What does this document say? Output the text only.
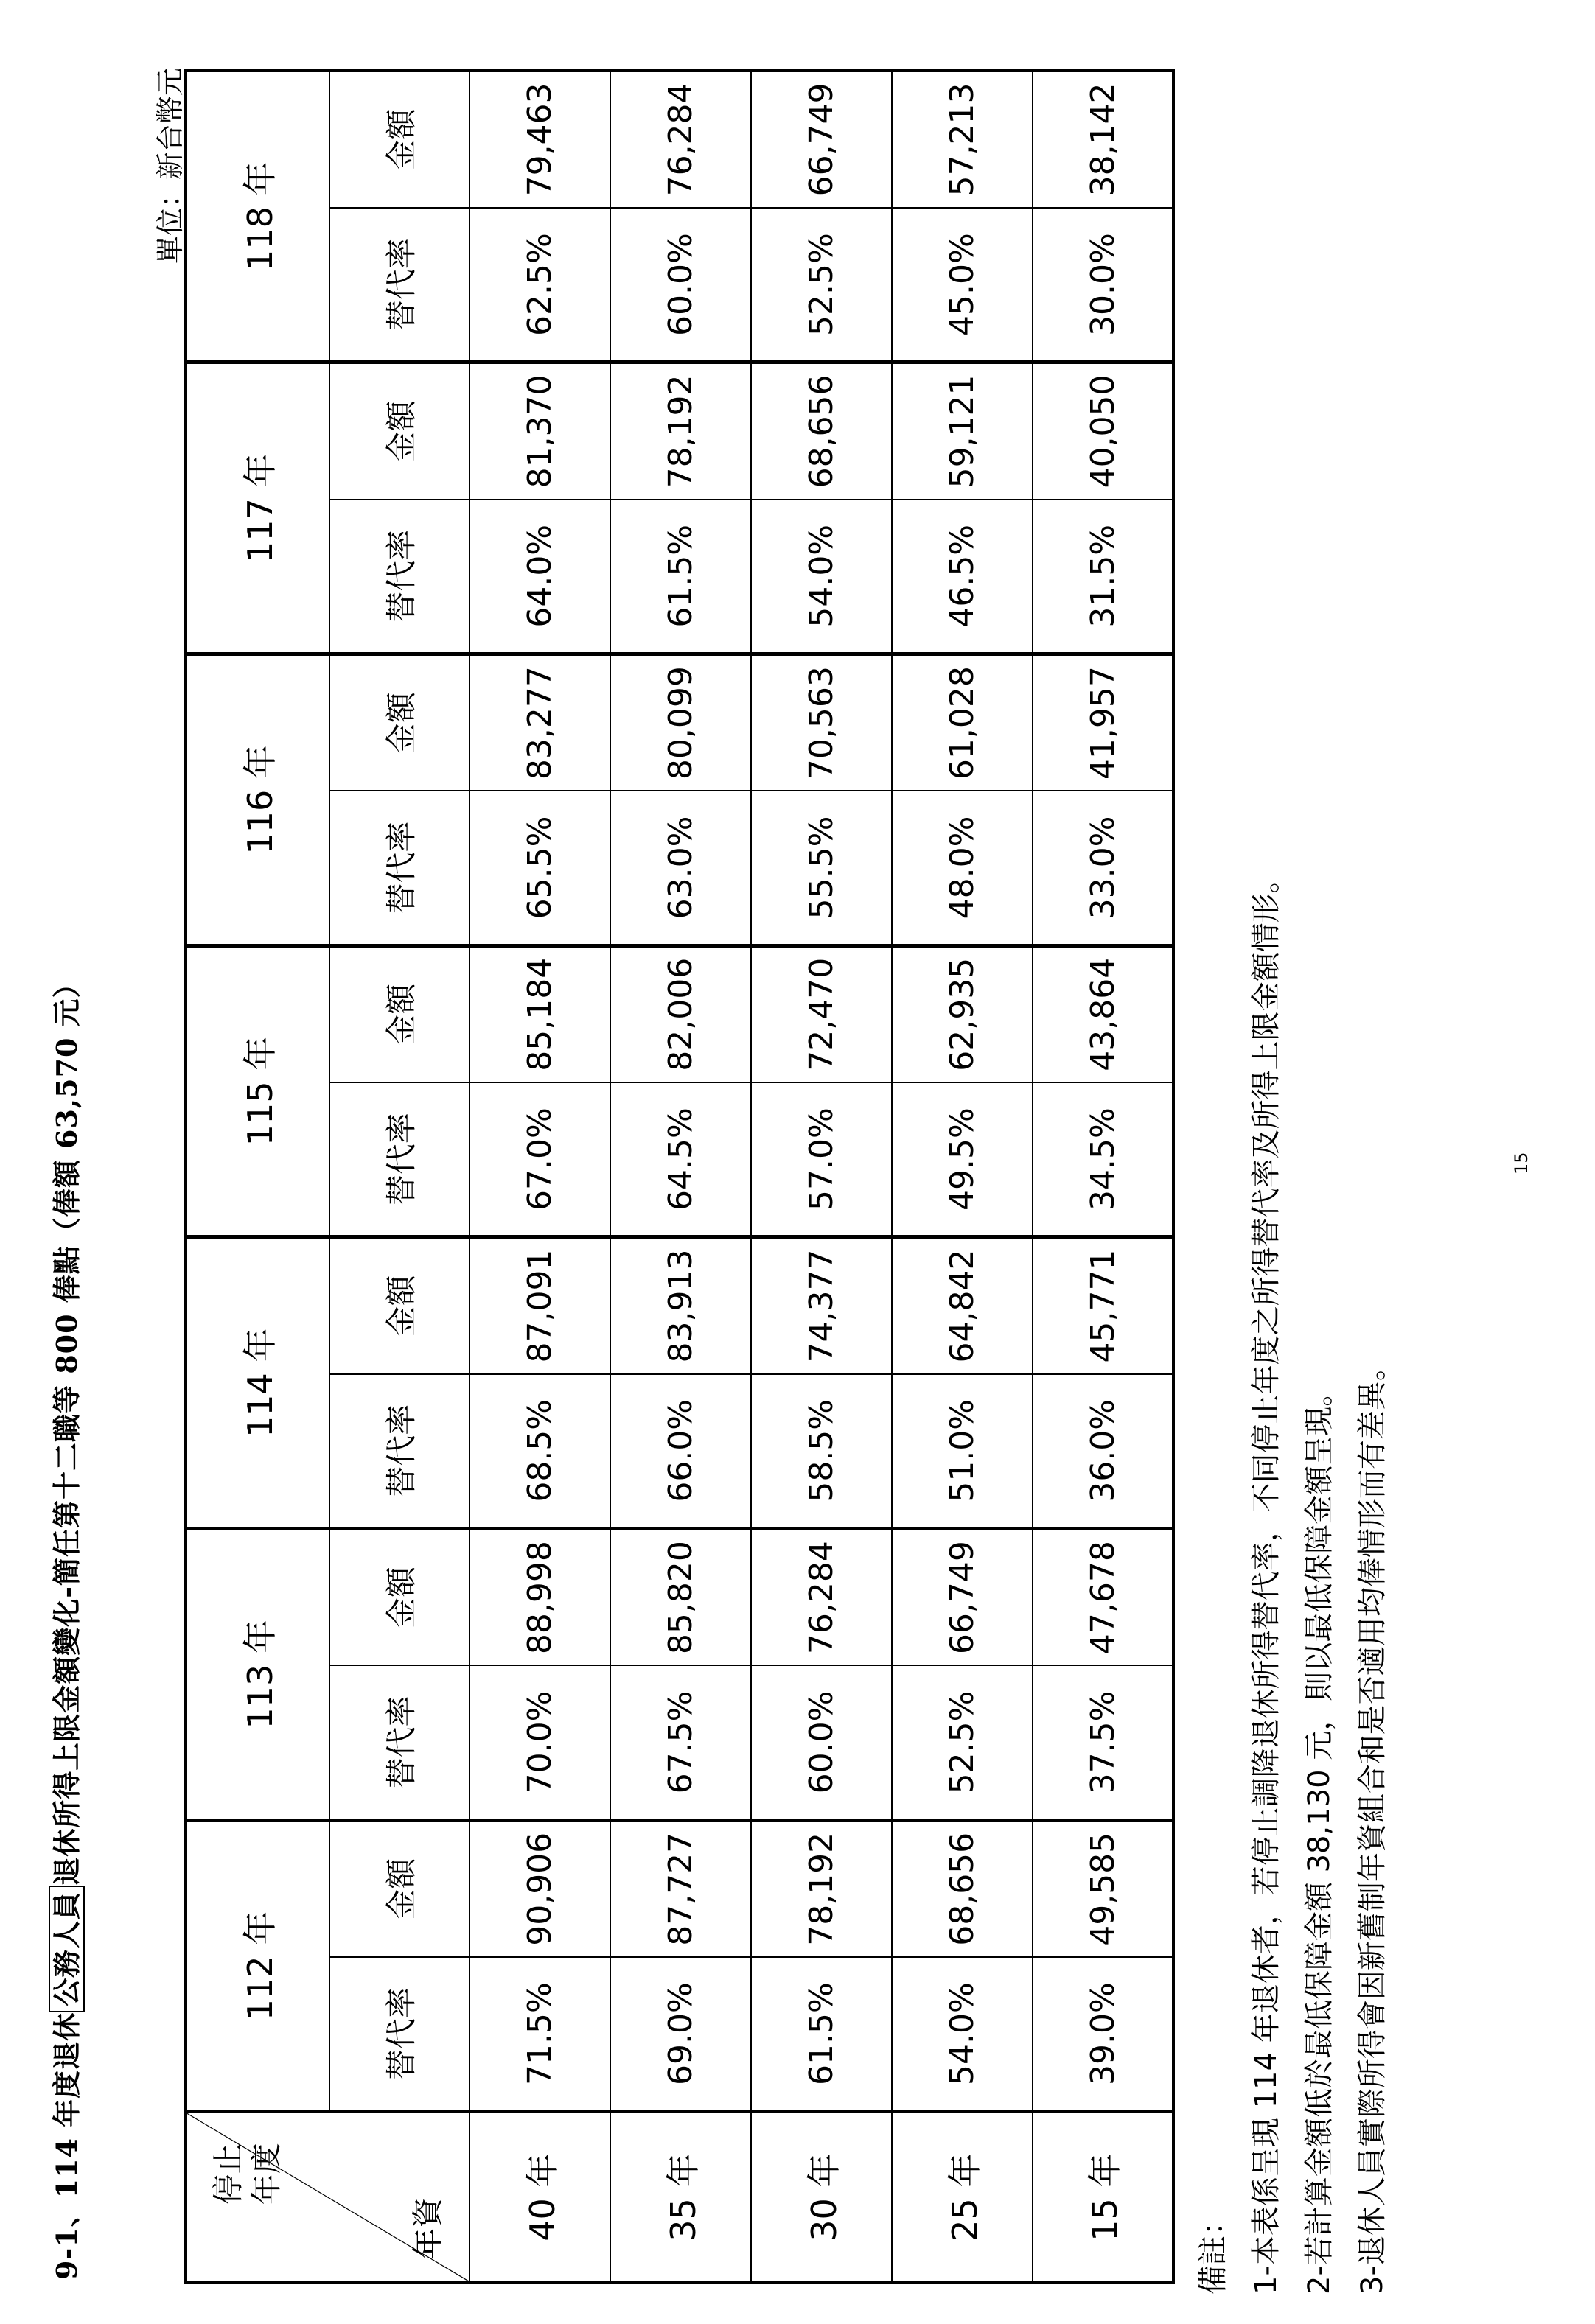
9-1、114 年度退休公務人員退休所得上限金額變化-簡任第十二職等 800 俸點（俸額 63,570 元）
單位：新台幣元
停止
年度
年資	112 年		113 年		114 年		115 年		116 年		117 年		118 年	
	替代率	金額	替代率	金額	替代率	金額	替代率	金額	替代率	金額	替代率	金額	替代率	金額
40 年	71.5%	90,906	70.0%	88,998	68.5%	87,091	67.0%	85,184	65.5%	83,277	64.0%	81,370	62.5%	79,463
35 年	69.0%	87,727	67.5%	85,820	66.0%	83,913	64.5%	82,006	63.0%	80,099	61.5%	78,192	60.0%	76,284
30 年	61.5%	78,192	60.0%	76,284	58.5%	74,377	57.0%	72,470	55.5%	70,563	54.0%	68,656	52.5%	66,749
25 年	54.0%	68,656	52.5%	66,749	51.0%	64,842	49.5%	62,935	48.0%	61,028	46.5%	59,121	45.0%	57,213
15 年	39.0%	49,585	37.5%	47,678	36.0%	45,771	34.5%	43,864	33.0%	41,957	31.5%	40,050	30.0%	38,142
備註： 1-本表係呈現 114 年退休者，若停止調降退休所得替代率，不同停止年度之所得替代率及所得上限金額情形。 2-若計算金額低於最低保障金額 38,130 元，則以最低保障金額呈現。 3-退休人員實際所得會因新舊制年資組合和是否適用均俸情形而有差異。
15
